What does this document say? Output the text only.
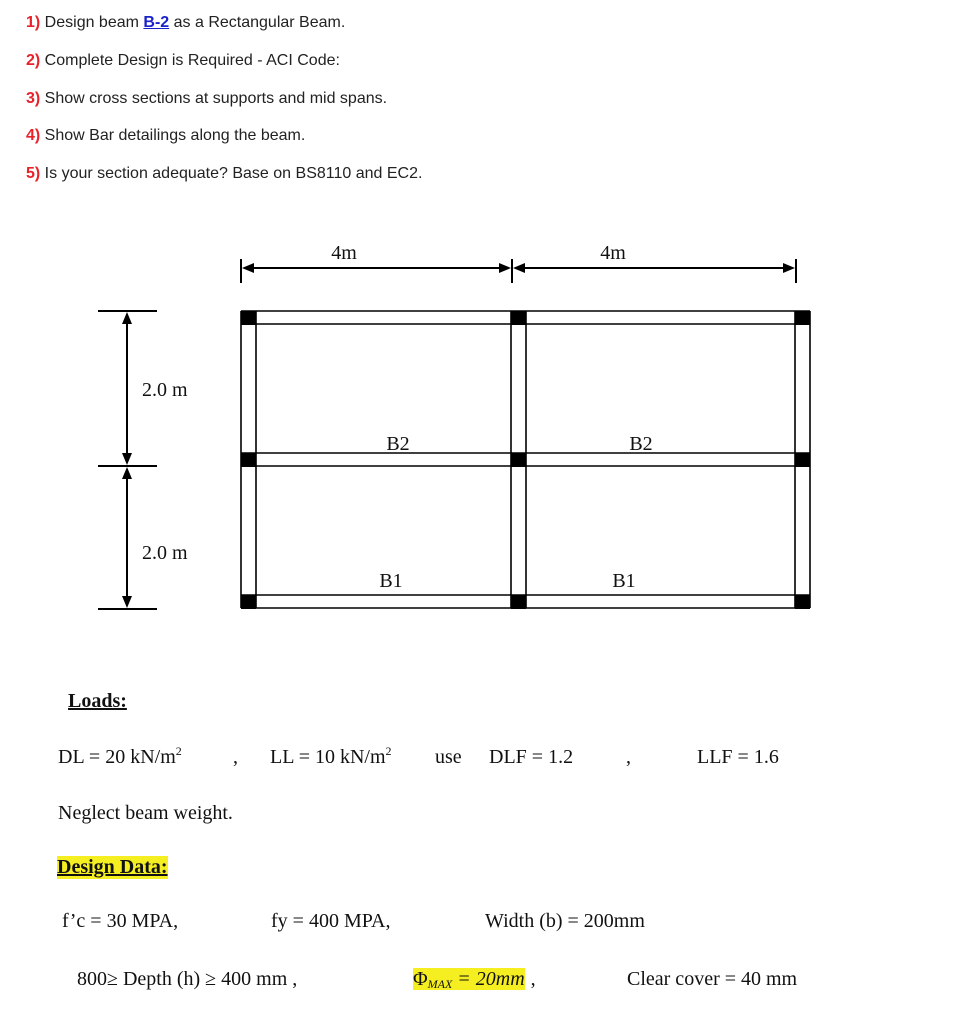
1) Design beam B-2 as a Rectangular Beam.
2) Complete Design is Required - ACI Code:
3) Show cross sections at supports and mid spans.
4) Show Bar detailings along the beam.
5) Is your section adequate? Base on BS8110 and EC2.
4m	4m
2.0 m
2.0 m
B2	B2
B1	B1
Loads:
DL = 20 $kN/m^2$	, LL = 10 $kN/m^2$ use DLF = 1.2	,	LLF = 1.6
Neglect beam weight.
Design Data:
f’c = 30 MPA,	fy = 400 MPA,	Width (b) = 200mm
800≥ Depth (h) ≥ 400 mm ,	$\Phi_{MAX} = 20mm$ ,	Clear cover = 40 mm
